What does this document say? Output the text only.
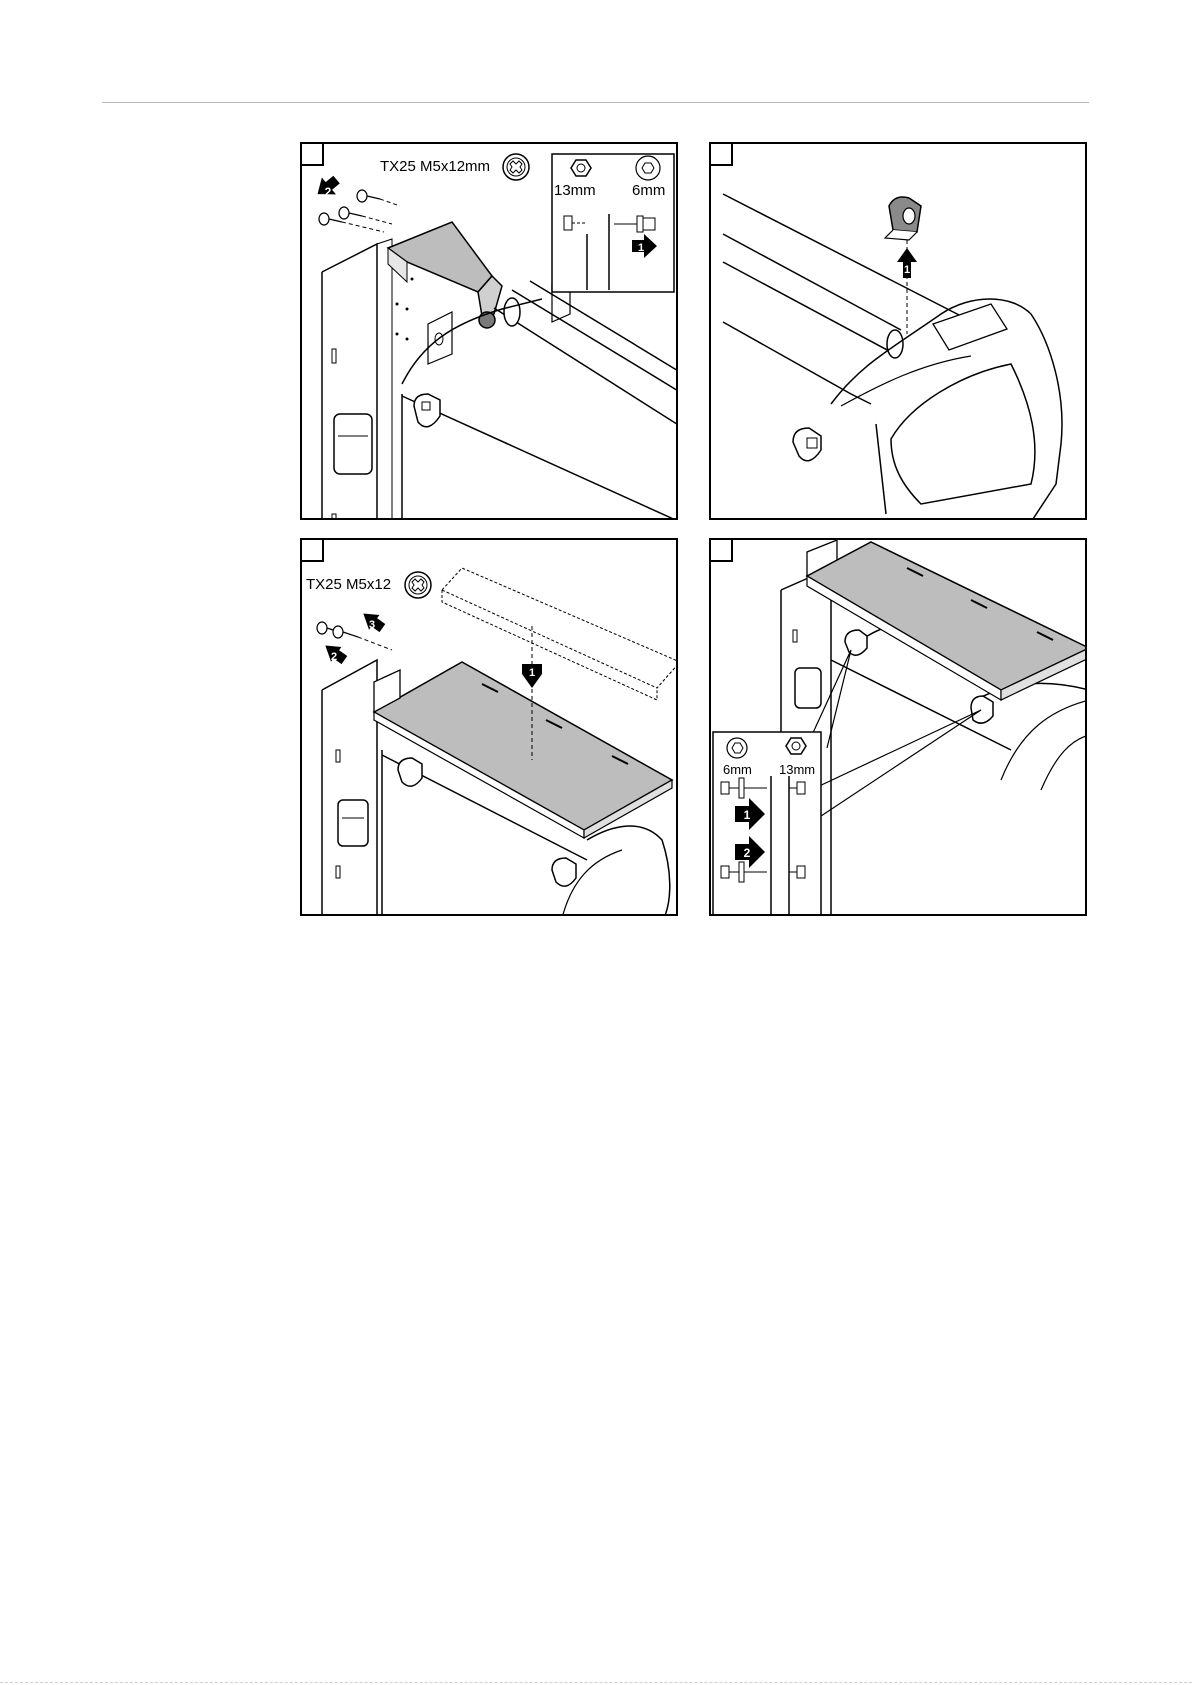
TX25 M5x12mm
13mm 6mm
2
1
1
TX25 M5x12
1
2
3
6mm 13mm
1
2
